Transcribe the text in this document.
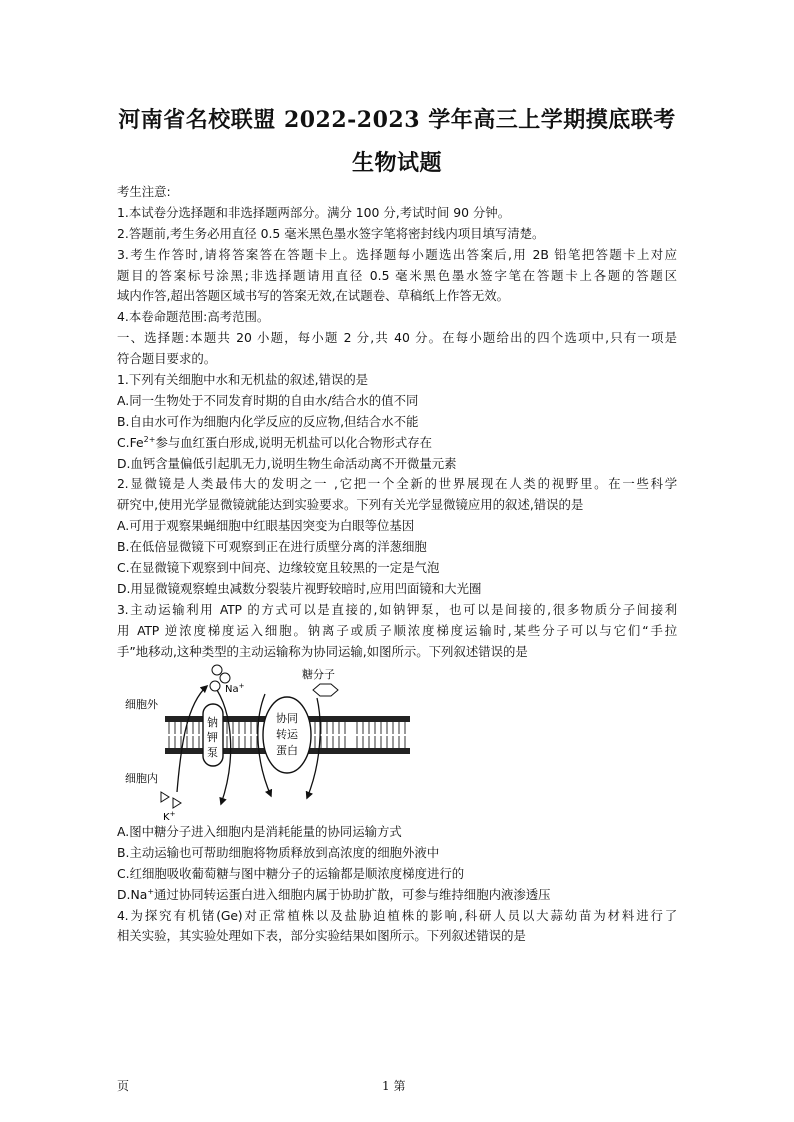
河南省名校联盟 2022-2023 学年高三上学期摸底联考
生物试题
考生注意:
1.本试卷分选择题和非选择题两部分。满分 100 分,考试时间 90 分钟。
2.答题前,考生务必用直径 0.5 毫米黑色墨水签字笔将密封线内项目填写清楚。
3.考生作答时,请将答案答在答题卡上。选择题每小题选出答案后,用 2B 铅笔把答题卡上对应
题目的答案标号涂黑;非选择题请用直径 0.5 毫米黑色墨水签字笔在答题卡上各题的答题区
域内作答,超出答题区域书写的答案无效,在试题卷、草稿纸上作答无效。
4.本卷命题范围:高考范围。
一、选择题:本题共 20 小题，每小题 2 分,共 40 分。在每小题给出的四个选项中,只有一项是
符合题目要求的。
1.下列有关细胞中水和无机盐的叙述,错误的是
A.同一生物处于不同发育时期的自由水/结合水的值不同
B.自由水可作为细胞内化学反应的反应物,但结合水不能
$C.Fe^{2+}$参与血红蛋白形成,说明无机盐可以化合物形式存在
D.血钙含量偏低引起肌无力,说明生物生命活动离不开微量元素
2.显微镜是人类最伟大的发明之一 ,它把一个全新的世界展现在人类的视野里。在一些科学
研究中,使用光学显微镜就能达到实验要求。下列有关光学显微镜应用的叙述,错误的是
A.可用于观察果蝇细胞中红眼基因突变为白眼等位基因
B.在低倍显微镜下可观察到正在进行质壁分离的洋葱细胞
C.在显微镜下观察到中间亮、边缘较宽且较黑的一定是气泡
D.用显微镜观察蝗虫减数分裂装片视野较暗时,应用凹面镜和大光圈
3.主动运输利用 ATP 的方式可以是直接的,如钠钾泵，也可以是间接的,很多物质分子间接利
用 ATP 逆浓度梯度运入细胞。钠离子或质子顺浓度梯度运输时,某些分子可以与它们“手拉
手”地移动,这种类型的主动运输称为协同运输,如图所示。下列叙述错误的是
细胞外
细胞内
Na+
K+
糖分子
钠
钾
泵
协同
转运
蛋白
A.图中糖分子进入细胞内是消耗能量的协同运输方式
B.主动运输也可帮助细胞将物质释放到高浓度的细胞外液中
C.红细胞吸收葡萄糖与图中糖分子的运输都是顺浓度梯度进行的
D.Na+通过协同转运蛋白进入细胞内属于协助扩散，可参与维持细胞内液渗透压
4.为探究有机锗(Ge)对正常植株以及盐胁迫植株的影响,科研人员以大蒜幼苗为材料进行了
相关实验，其实验处理如下表，部分实验结果如图所示。下列叙述错误的是
页	1 第
